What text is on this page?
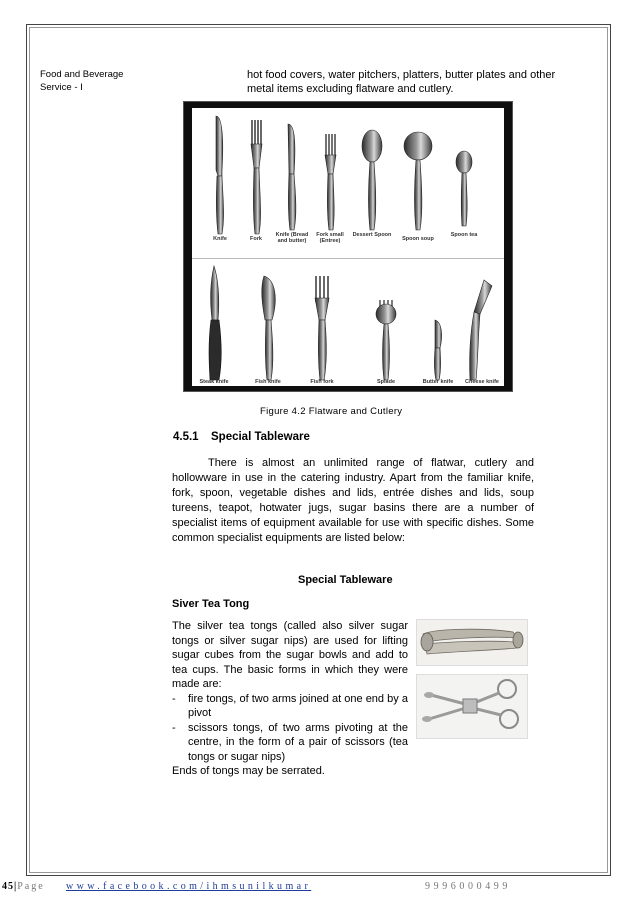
Food and Beverage
Service - I
hot food covers, water pitchers, platters, butter plates and other metal items excluding flatware and cutlery.
Knife	Fork
Knife (Bread and butter)
Fork small (Entree)
Dessert Spoon
Spoon soup
Spoon tea
Steak knife	Fish knife	Fish fork	Splade	Butter knife	Cheese knife
Figure 4.2 Flatware and Cutlery
4.5.1 Special Tableware

There is almost an unlimited range of flatwar, cutlery and hollowware in use in the catering industry. Apart from the familiar knife, fork, spoon, vegetable dishes and lids, entrée dishes and lids, soup tureens, teapot, hotwater jugs, sugar basins there are a number of specialist items of equipment available for use with specific dishes. Some common specialist equipments are listed below:

Special Tableware
Siver Tea Tong

The silver tea tongs (called also silver sugar tongs or silver sugar nips) are used for lifting sugar cubes from the sugar bowls and add to tea cups. The basic forms in which they were made are:

-	fire tongs, of two arms joined at one end by a pivot
-	scissors tongs, of two arms pivoting at the centre, in the form of a pair of scissors (tea tongs or sugar nips)

Ends of tongs may be serrated.

45|Page www.facebook.com/ihmsunilkumar	9996000499
